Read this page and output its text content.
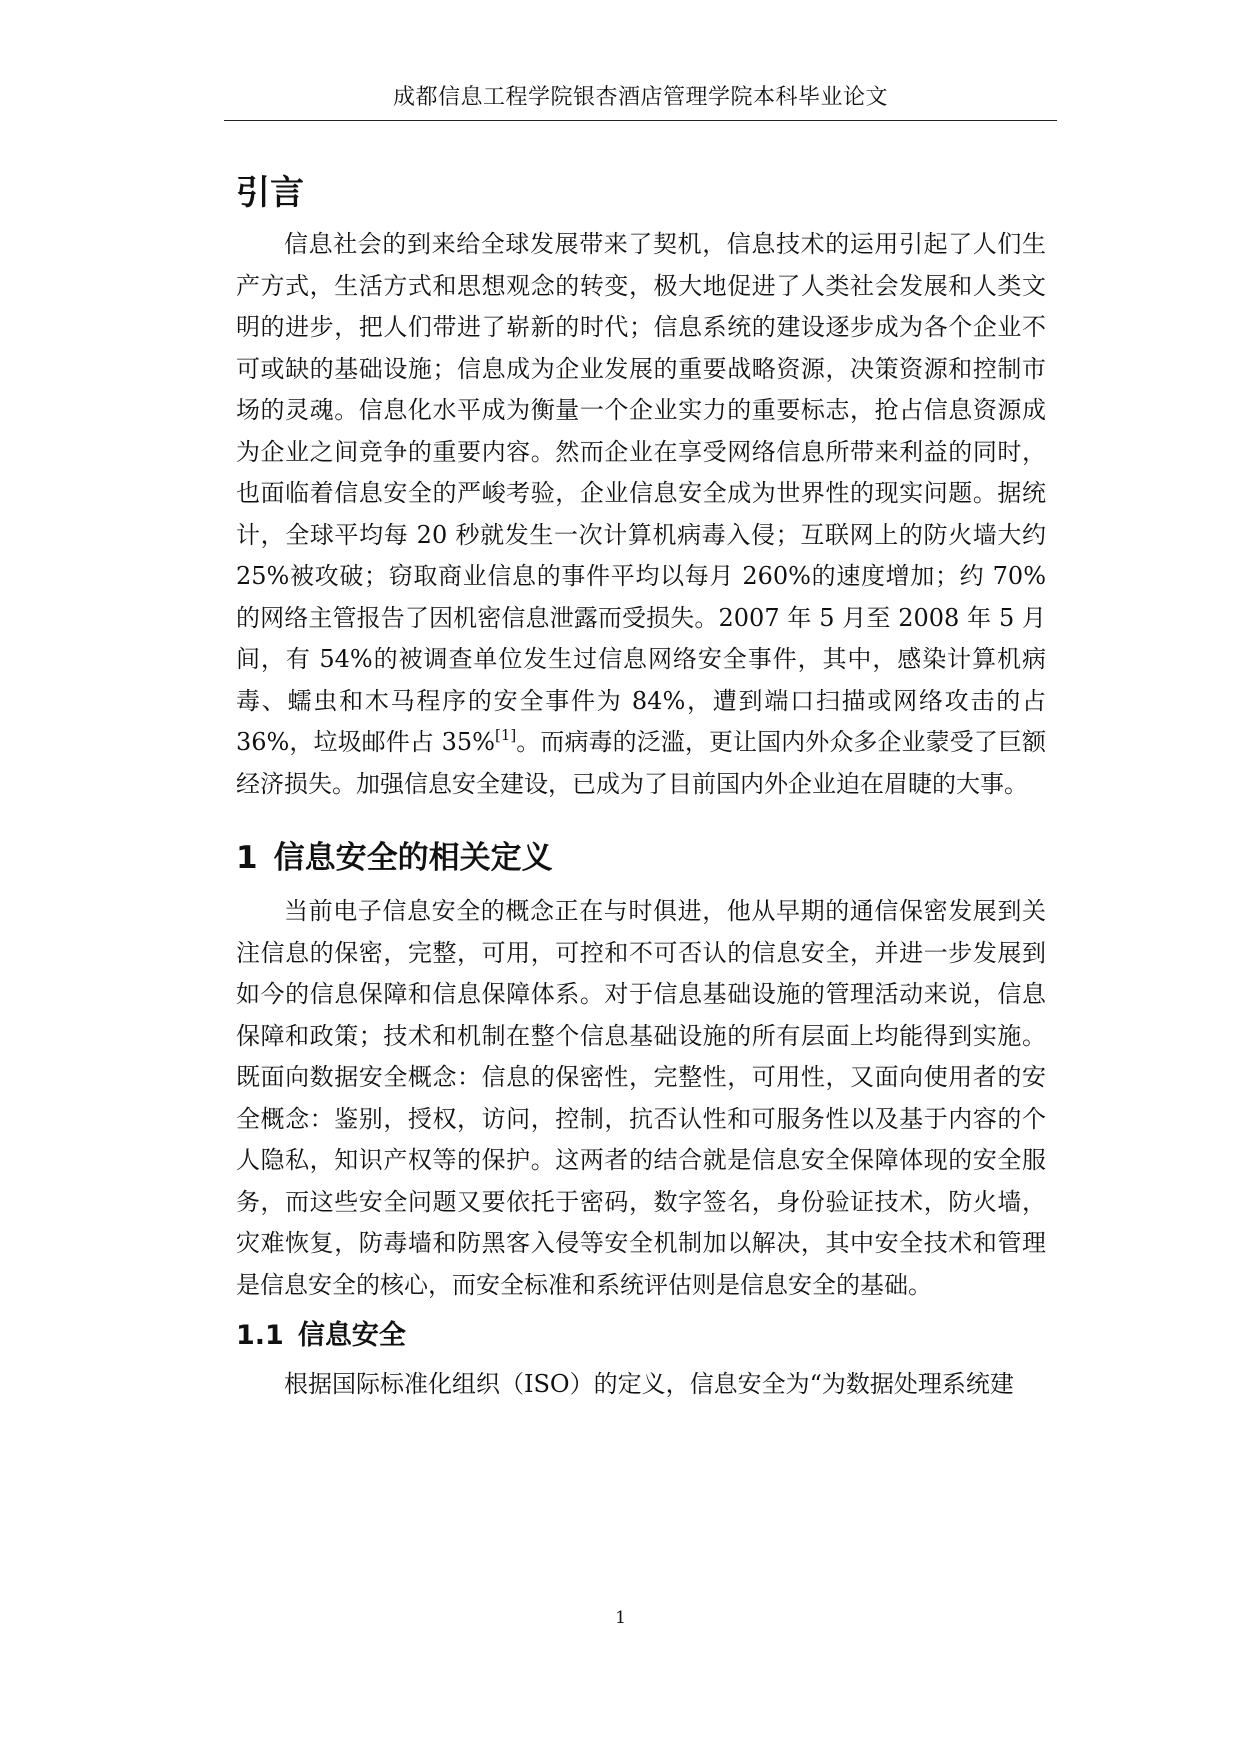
成都信息工程学院银杏酒店管理学院本科毕业论文
引言

信息社会的到来给全球发展带来了契机，信息技术的运用引起了人们生产方式，生活方式和思想观念的转变，极大地促进了人类社会发展和人类文明的进步，把人们带进了崭新的时代；信息系统的建设逐步成为各个企业不可或缺的基础设施；信息成为企业发展的重要战略资源，决策资源和控制市场的灵魂。信息化水平成为衡量一个企业实力的重要标志，抢占信息资源成为企业之间竞争的重要内容。然而企业在享受网络信息所带来利益的同时，也面临着信息安全的严峻考验，企业信息安全成为世界性的现实问题。据统计，全球平均每 20 秒就发生一次计算机病毒入侵；互联网上的防火墙大约 25%被攻破；窃取商业信息的事件平均以每月 260%的速度增加；约 70%的网络主管报告了因机密信息泄露而受损失。2007 年 5 月至 2008 年 5 月间，有 54%的被调查单位发生过信息网络安全事件，其中，感染计算机病毒、蠕虫和木马程序的安全事件为 84%，遭到端口扫描或网络攻击的占 36%，垃圾邮件占 35%[1]。而病毒的泛滥，更让国内外众多企业蒙受了巨额经济损失。加强信息安全建设，已成为了目前国内外企业迫在眉睫的大事。

1 信息安全的相关定义

当前电子信息安全的概念正在与时俱进，他从早期的通信保密发展到关注信息的保密，完整，可用，可控和不可否认的信息安全，并进一步发展到如今的信息保障和信息保障体系。对于信息基础设施的管理活动来说，信息保障和政策；技术和机制在整个信息基础设施的所有层面上均能得到实施。既面向数据安全概念：信息的保密性，完整性，可用性，又面向使用者的安全概念：鉴别，授权，访问，控制，抗否认性和可服务性以及基于内容的个人隐私，知识产权等的保护。这两者的结合就是信息安全保障体现的安全服务，而这些安全问题又要依托于密码，数字签名，身份验证技术，防火墙，灾难恢复，防毒墙和防黑客入侵等安全机制加以解决，其中安全技术和管理是信息安全的核心，而安全标准和系统评估则是信息安全的基础。

1.1 信息安全

根据国际标准化组织（ISO）的定义，信息安全为“为数据处理系统建

1
